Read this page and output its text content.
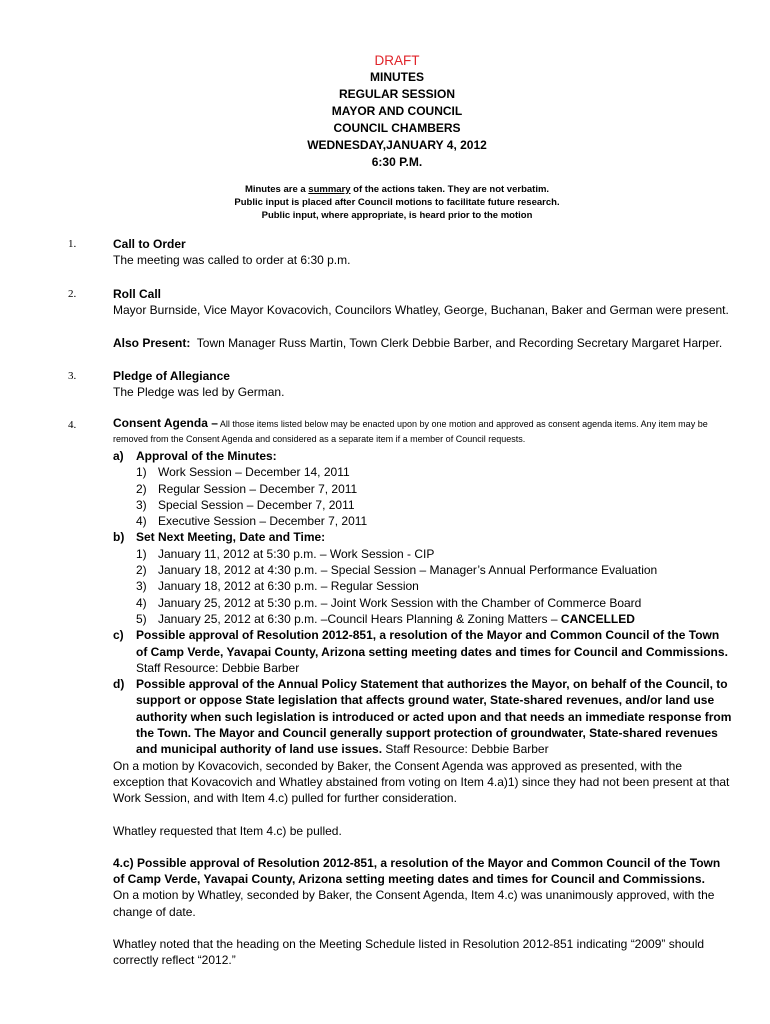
DRAFT
MINUTES
REGULAR SESSION
MAYOR AND COUNCIL
COUNCIL CHAMBERS
WEDNESDAY,JANUARY 4, 2012
6:30 P.M.
Minutes are a summary of the actions taken. They are not verbatim.
Public input is placed after Council motions to facilitate future research.
Public input, where appropriate, is heard prior to the motion
1.	Call to Order
The meeting was called to order at 6:30 p.m.
2.	Roll Call
Mayor Burnside, Vice Mayor Kovacovich, Councilors Whatley, George, Buchanan, Baker and German were present.
Also Present:  Town Manager Russ Martin, Town Clerk Debbie Barber, and Recording Secretary Margaret Harper.
3.	Pledge of Allegiance
The Pledge was led by German.
4.	Consent Agenda – All those items listed below may be enacted upon by one motion and approved as consent agenda items. Any item may be removed from the Consent Agenda and considered as a separate item if a member of Council requests.
a) Approval of the Minutes:
1) Work Session – December 14, 2011
2) Regular Session – December 7, 2011
3) Special Session – December 7, 2011
4) Executive Session – December 7, 2011
b) Set Next Meeting, Date and Time:
1) January 11, 2012 at 5:30 p.m. – Work Session - CIP
2) January 18, 2012 at 4:30 p.m. – Special Session – Manager’s Annual Performance Evaluation
3) January 18, 2012 at 6:30 p.m. – Regular Session
4) January 25, 2012 at 5:30 p.m. – Joint Work Session with the Chamber of Commerce Board
5) January 25, 2012 at 6:30 p.m. –Council Hears Planning & Zoning Matters – CANCELLED
c) Possible approval of Resolution 2012-851, a resolution of the Mayor and Common Council of the Town of Camp Verde, Yavapai County, Arizona setting meeting dates and times for Council and Commissions. Staff Resource: Debbie Barber
d) Possible approval of the Annual Policy Statement that authorizes the Mayor, on behalf of the Council, to support or oppose State legislation that affects ground water, State-shared revenues, and/or land use authority when such legislation is introduced or acted upon and that needs an immediate response from the Town. The Mayor and Council generally support protection of groundwater, State-shared revenues and municipal authority of land use issues. Staff Resource: Debbie Barber
On a motion by Kovacovich, seconded by Baker, the Consent Agenda was approved as presented, with the exception that Kovacovich and Whatley abstained from voting on Item 4.a)1) since they had not been present at that Work Session, and with Item 4.c) pulled for further consideration.
Whatley requested that Item 4.c) be pulled.
4.c) Possible approval of Resolution 2012-851, a resolution of the Mayor and Common Council of the Town of Camp Verde, Yavapai County, Arizona setting meeting dates and times for Council and Commissions.
On a motion by Whatley, seconded by Baker, the Consent Agenda, Item 4.c) was unanimously approved, with the change of date.
Whatley noted that the heading on the Meeting Schedule listed in Resolution 2012-851 indicating “2009” should correctly reflect “2012.”
